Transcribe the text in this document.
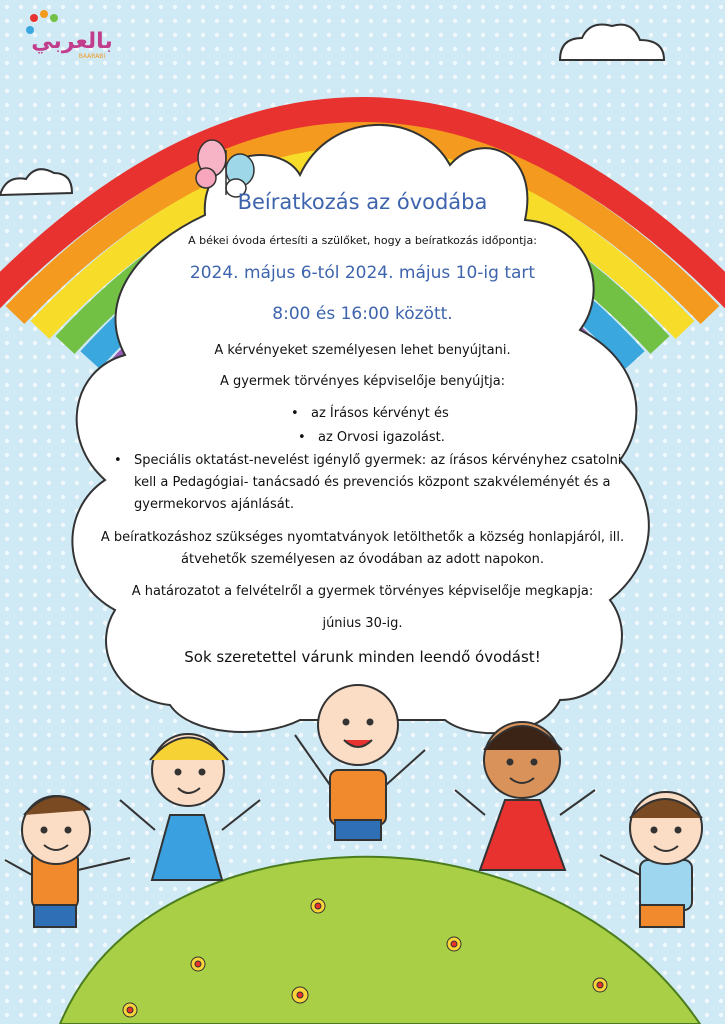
بالعربي
BAARABI
Beíratkozás az óvodába
A békei óvoda értesíti a szülőket, hogy a beíratkozás időpontja:
2024. május 6-tól 2024. május 10-ig tart
8:00 és 16:00 között.
A kérvényeket személyesen lehet benyújtani.
A gyermek törvényes képviselője benyújtja:
• az Írásos kérvényt és
• az Orvosi igazolást.
• Speciális oktatást-nevelést igénylő gyermek: az írásos kérvényhez csatolni kell a Pedagógiai- tanácsadó és prevenciós központ szakvéleményét és a gyermekorvos ajánlását.
A beíratkozáshoz szükséges nyomtatványok letölthetők a község honlapjáról, ill. átvehetők személyesen az óvodában az adott napokon.
A határozatot a felvételről a gyermek törvényes képviselője megkapja:
június 30-ig.
Sok szeretettel várunk minden leendő óvodást!
